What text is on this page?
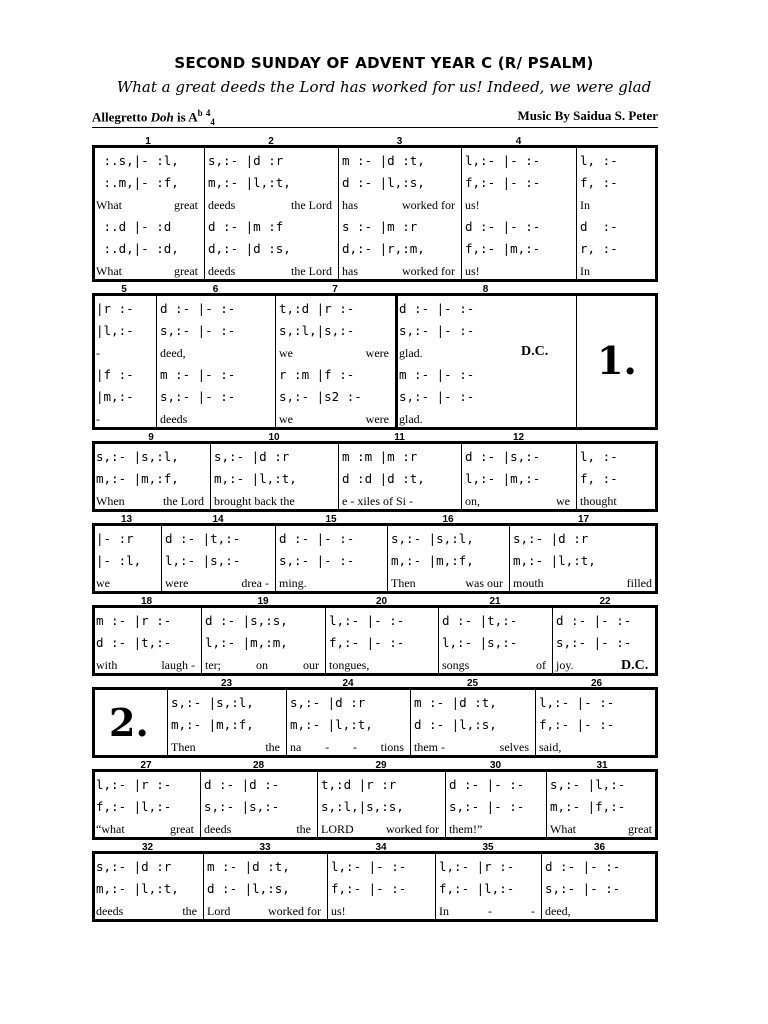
SECOND SUNDAY OF ADVENT YEAR C (R/ PSALM)
What a great deeds the Lord has worked for us! Indeed, we were glad
Allegretto Doh is $A^b$ $^4_4$	Music By Saidua S. Peter
:.s,|- :l,
:.m,|- :f,
What	great
:.d |- :d
:.d,|- :d,
What	great
1
s,:- |d :r
m,:- |l,:t,
deeds	the Lord
d :- |m :f
d,:- |d :s,
deeds	the Lord
2
m :- |d :t,
d :- |l,:s,
has	worked for
s :- |m :r
d,:- |r,:m,
has	worked for
3
l,:- |- :-
f,:- |- :-
us!
d :- |- :-
f,:- |m,:-
us!
4
l, :-
f, :-
In
d  :-
r, :-
In
|r :-
|l,:-
-
|f :-
|m,:-
-
5
d :- |- :-
s,:- |- :-
deed,
m :- |- :-
s,:- |- :-
deeds
6
t,:d |r :-
s,:l,|s,:-
we	were
r :m |f :-
s,:- |s2 :-
we	were
7
d :- |- :-
s,:- |- :-
glad.
m :- |- :-
s,:- |- :-
glad.
8
1.
D.C.
s,:- |s,:l,
m,:- |m,:f,
When	the Lord
9
s,:- |d :r
m,:- |l,:t,
brought back the
10
m :m |m :r
d :d |d :t,
e - xiles of Si -
11
d :- |s,:-
l,:- |m,:-
on,	we
12
l, :-
f, :-
thought
|- :r
|- :l,
we
13
d :- |t,:-
l,:- |s,:-
were	drea -
14
d :- |- :-
s,:- |- :-
ming.
15
s,:- |s,:l,
m,:- |m,:f,
Then	was our
16
s,:- |d :r
m,:- |l,:t,
mouth	filled
17
m :- |r :-
d :- |t,:-
with	laugh -
18
d :- |s,:s,
l,:- |m,:m,
ter;	on	our
19
l,:- |- :-
f,:- |- :-
tongues,
20
d :- |t,:-
l,:- |s,:-
songs	of
21
d :- |- :-
s,:- |- :-
joy.
22
D.C.
2. s,:- |s,:l,
m,:- |m,:f,
Then	the
23
s,:- |d :r
m,:- |l,:t,
na - - tions
24
m :- |d :t,
d :- |l,:s,
them -	selves
25
l,:- |- :-
f,:- |- :-
said,
26
l,:- |r :-
f,:- |l,:-
“what	great
27
d :- |d :-
s,:- |s,:-
deeds	the
28
t,:d |r :r
s,:l,|s,:s,
LORD	worked for
29
d :- |- :-
s,:- |- :-
them!”
30
s,:- |l,:-
m,:- |f,:-
What	great
31
s,:- |d :r
m,:- |l,:t,
deeds	the
32
m :- |d :t,
d :- |l,:s,
Lord	worked for
33
l,:- |- :-
f,:- |- :-
us!
34
l,:- |r :-
f,:- |l,:-
In	-	-
35
d :- |- :-
s,:- |- :-
deed,
36
